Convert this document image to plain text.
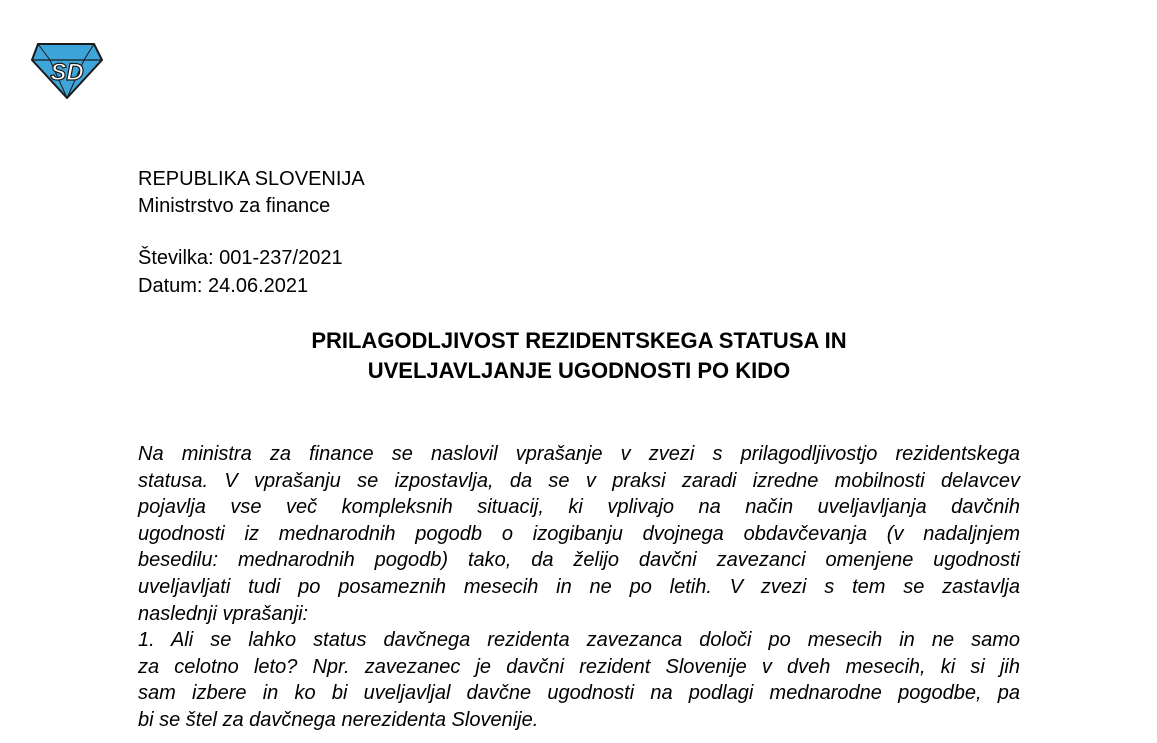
SD
REPUBLIKA SLOVENIJA
Ministrstvo za finance
Številka: 001-237/2021
Datum: 24.06.2021
PRILAGODLJIVOST REZIDENTSKEGA STATUSA IN
UVELJAVLJANJE UGODNOSTI PO KIDO
Na ministra za finance se naslovil vprašanje v zvezi s prilagodljivostjo rezidentskega
statusa. V vprašanju se izpostavlja, da se v praksi zaradi izredne mobilnosti delavcev
pojavlja vse več kompleksnih situacij, ki vplivajo na način uveljavljanja davčnih
ugodnosti iz mednarodnih pogodb o izogibanju dvojnega obdavčevanja (v nadaljnjem
besedilu: mednarodnih pogodb) tako, da želijo davčni zavezanci omenjene ugodnosti
uveljavljati tudi po posameznih mesecih in ne po letih. V zvezi s tem se zastavlja
naslednji vprašanji:
1. Ali se lahko status davčnega rezidenta zavezanca določi po mesecih in ne samo
za celotno leto? Npr. zavezanec je davčni rezident Slovenije v dveh mesecih, ki si jih
sam izbere in ko bi uveljavljal davčne ugodnosti na podlagi mednarodne pogodbe, pa
bi se štel za davčnega nerezidenta Slovenije.
